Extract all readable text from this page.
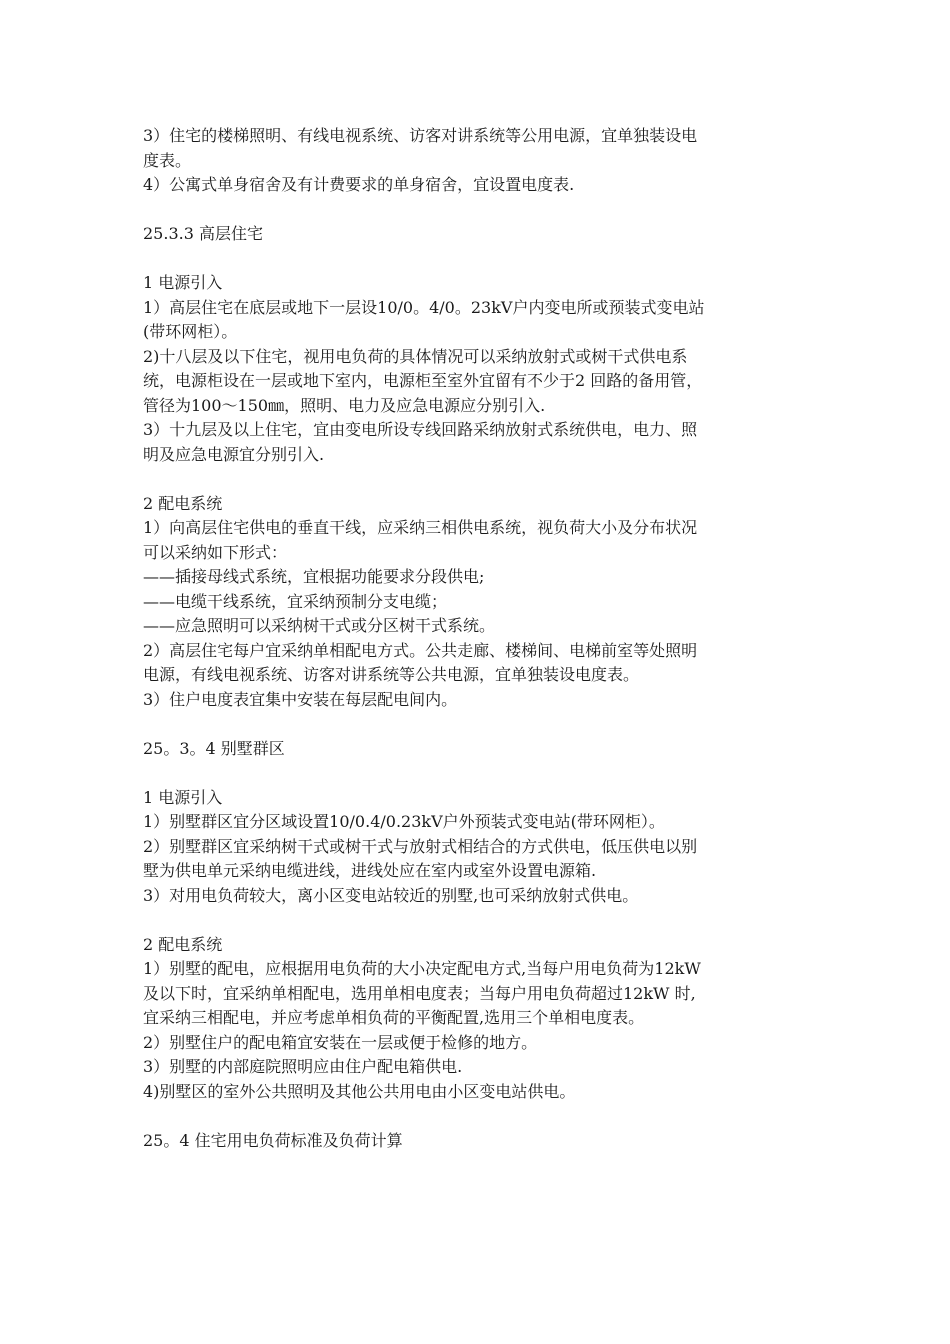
3）住宅的楼梯照明、有线电视系统、访客对讲系统等公用电源，宜单独装设电
度表。
4）公寓式单身宿舍及有计费要求的单身宿舍，宜设置电度表.
25.3.3 高层住宅
1 电源引入
1）高层住宅在底层或地下一层设10/0。4/0。23kV户内变电所或预装式变电站
(带环网柜）。
2)十八层及以下住宅，视用电负荷的具体情况可以采纳放射式或树干式供电系
统，电源柜设在一层或地下室内，电源柜至室外宜留有不少于2 回路的备用管，
管径为100～150㎜，照明、电力及应急电源应分别引入.
3）十九层及以上住宅，宜由变电所设专线回路采纳放射式系统供电，电力、照
明及应急电源宜分别引入.
2 配电系统
1）向高层住宅供电的垂直干线，应采纳三相供电系统，视负荷大小及分布状况
可以采纳如下形式：
——插接母线式系统，宜根据功能要求分段供电;
——电缆干线系统，宜采纳预制分支电缆；
——应急照明可以采纳树干式或分区树干式系统。
2）高层住宅每户宜采纳单相配电方式。公共走廊、楼梯间、电梯前室等处照明
电源，有线电视系统、访客对讲系统等公共电源，宜单独装设电度表。
3）住户电度表宜集中安装在每层配电间内。
25。3。4 别墅群区
1 电源引入
1）别墅群区宜分区域设置10/0.4/0.23kV户外预装式变电站(带环网柜）。
2）别墅群区宜采纳树干式或树干式与放射式相结合的方式供电，低压供电以别
墅为供电单元采纳电缆进线，进线处应在室内或室外设置电源箱.
3）对用电负荷较大，离小区变电站较近的别墅,也可采纳放射式供电。
2 配电系统
1）别墅的配电，应根据用电负荷的大小决定配电方式,当每户用电负荷为12kW
及以下时，宜采纳单相配电，选用单相电度表；当每户用电负荷超过12kW 时,
宜采纳三相配电，并应考虑单相负荷的平衡配置,选用三个单相电度表。
2）别墅住户的配电箱宜安装在一层或便于检修的地方。
3）别墅的内部庭院照明应由住户配电箱供电.
4)别墅区的室外公共照明及其他公共用电由小区变电站供电。
25。4 住宅用电负荷标准及负荷计算
